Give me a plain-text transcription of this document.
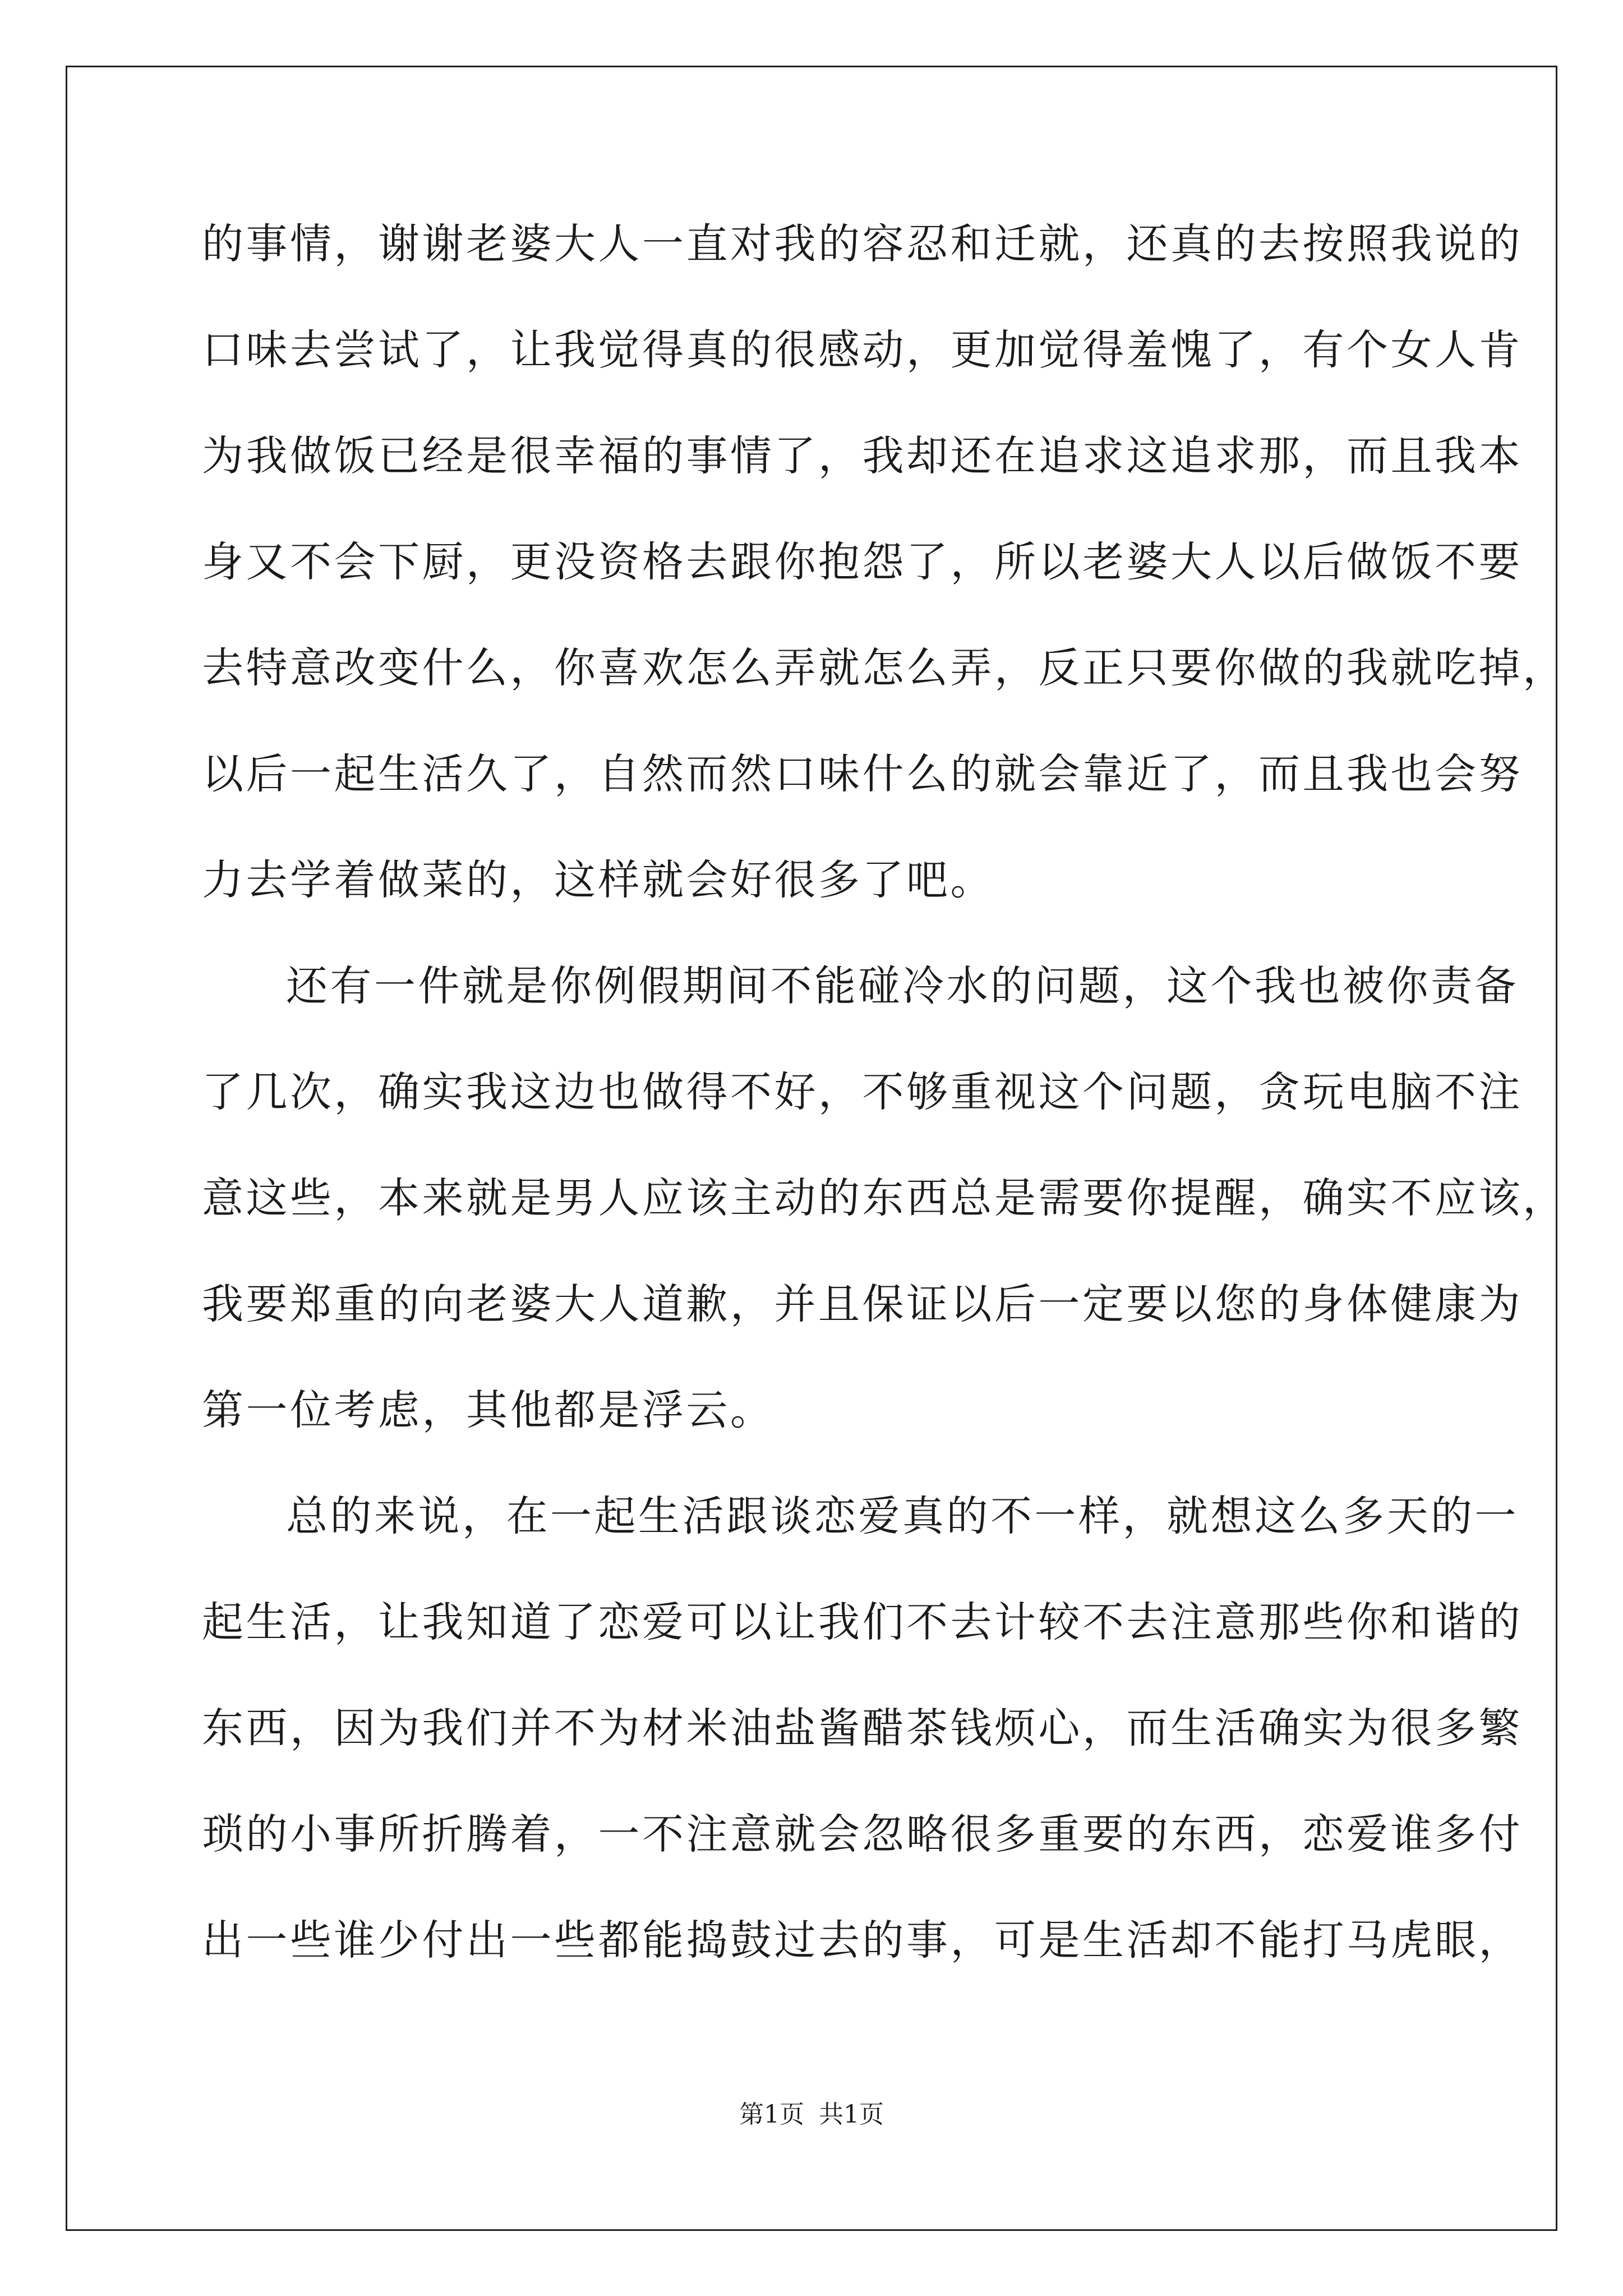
的事情，谢谢老婆大人一直对我的容忍和迁就，还真的去按照我说的
口味去尝试了，让我觉得真的很感动，更加觉得羞愧了，有个女人肯
为我做饭已经是很幸福的事情了，我却还在追求这追求那，而且我本
身又不会下厨，更没资格去跟你抱怨了，所以老婆大人以后做饭不要
去特意改变什么，你喜欢怎么弄就怎么弄，反正只要你做的我就吃掉，
以后一起生活久了，自然而然口味什么的就会靠近了，而且我也会努
力去学着做菜的，这样就会好很多了吧。
还有一件就是你例假期间不能碰冷水的问题，这个我也被你责备
了几次，确实我这边也做得不好，不够重视这个问题，贪玩电脑不注
意这些，本来就是男人应该主动的东西总是需要你提醒，确实不应该，
我要郑重的向老婆大人道歉，并且保证以后一定要以您的身体健康为
第一位考虑，其他都是浮云。
总的来说，在一起生活跟谈恋爱真的不一样，就想这么多天的一
起生活，让我知道了恋爱可以让我们不去计较不去注意那些你和谐的
东西，因为我们并不为材米油盐酱醋茶钱烦心，而生活确实为很多繁
琐的小事所折腾着，一不注意就会忽略很多重要的东西，恋爱谁多付
出一些谁少付出一些都能捣鼓过去的事，可是生活却不能打马虎眼，
第1页 共1页
